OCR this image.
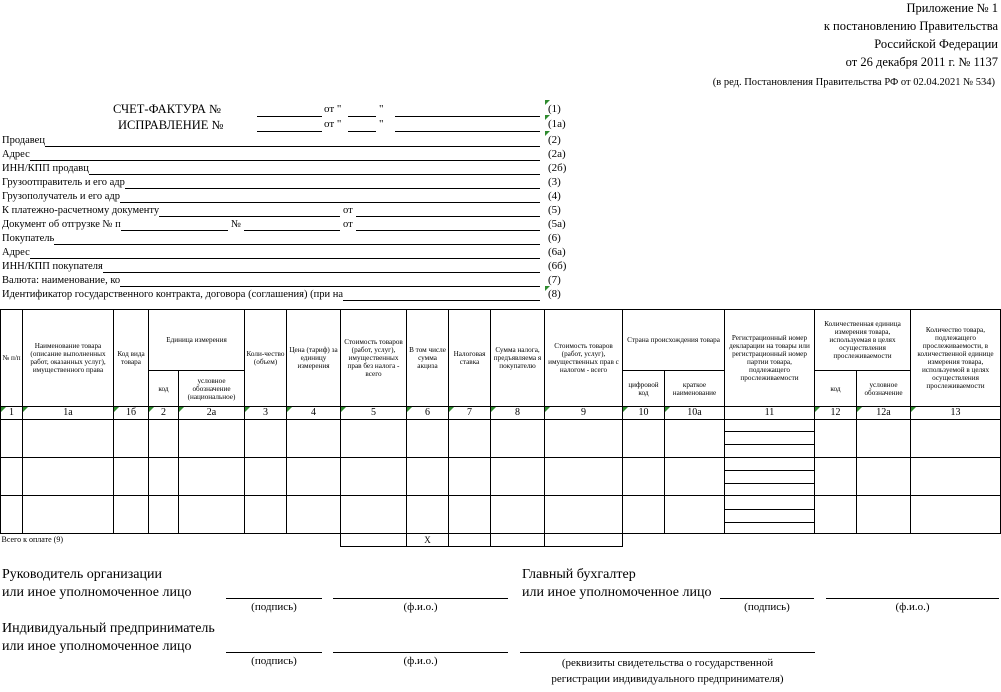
Приложение № 1
к постановлению Правительства
Российской Федерации
от 26 декабря 2011 г. № 1137
(в ред. Постановления Правительства РФ от 02.04.2021 № 534)
СЧЕТ-ФАКТУРА №	от "	"	(1)
ИСПРАВЛЕНИЕ №	от "	"	(1а)
Продавец	(2)
Адрес	(2а)
ИНН/КПП продавц	(2б)
Грузоотправитель и его адр	(3)
Грузополучатель и его адр	(4)
К платежно-расчетному документу	от	(5)
Документ об отгрузке № п	№	от	(5а)
Покупатель	(6)
Адрес	(6а)
ИНН/КПП покупателя	(6б)
Валюта: наименование, ко	(7)
Идентификатор государственного контракта, договора (соглашения) (при на	(8)
№ п/п	Наименование товара (описание выполненных работ, оказанных услуг), имущественного права	Код вида товара	Единица измерения		Коли-чество (объем)	Цена (тариф) за единицу измерения	Стоимость товаров (работ, услуг), имущественных прав без налога - всего	В том числе сумма акциза	Налоговая ставка	Сумма налога, предъявляема я покупателю	Стоимость товаров (работ, услуг), имущественных прав с налогом - всего	Страна происхождения товара		Регистрационный номер декларации на товары или регистрационный номер партии товара, подлежащего прослеживаемости	Количественная единица измерения товара, используемая в целях осуществления прослеживаемости		Количество товара, подлежащего прослеживаемости, в количественной единице измерения товара, используемой в целях осуществления прослеживаемости
			код	условное обозначение (национальное)								цифровой код	краткое наименование		код	условное обозначение	
1	1а	1б	2	2а	3	4	5	6	7	8	9	10	10а	11	12	12а	13

Всего к оплате (9)								Х									
Руководитель организации
или иное уполномоченное лицо
(подпись)	(ф.и.о.)
Главный бухгалтер
или иное уполномоченное лицо
(подпись)	(ф.и.о.)
Индивидуальный предприниматель
или иное уполномоченное лицо
(подпись)	(ф.и.о.)	(реквизиты свидетельства о государственной
регистрации индивидуального предпринимателя)
